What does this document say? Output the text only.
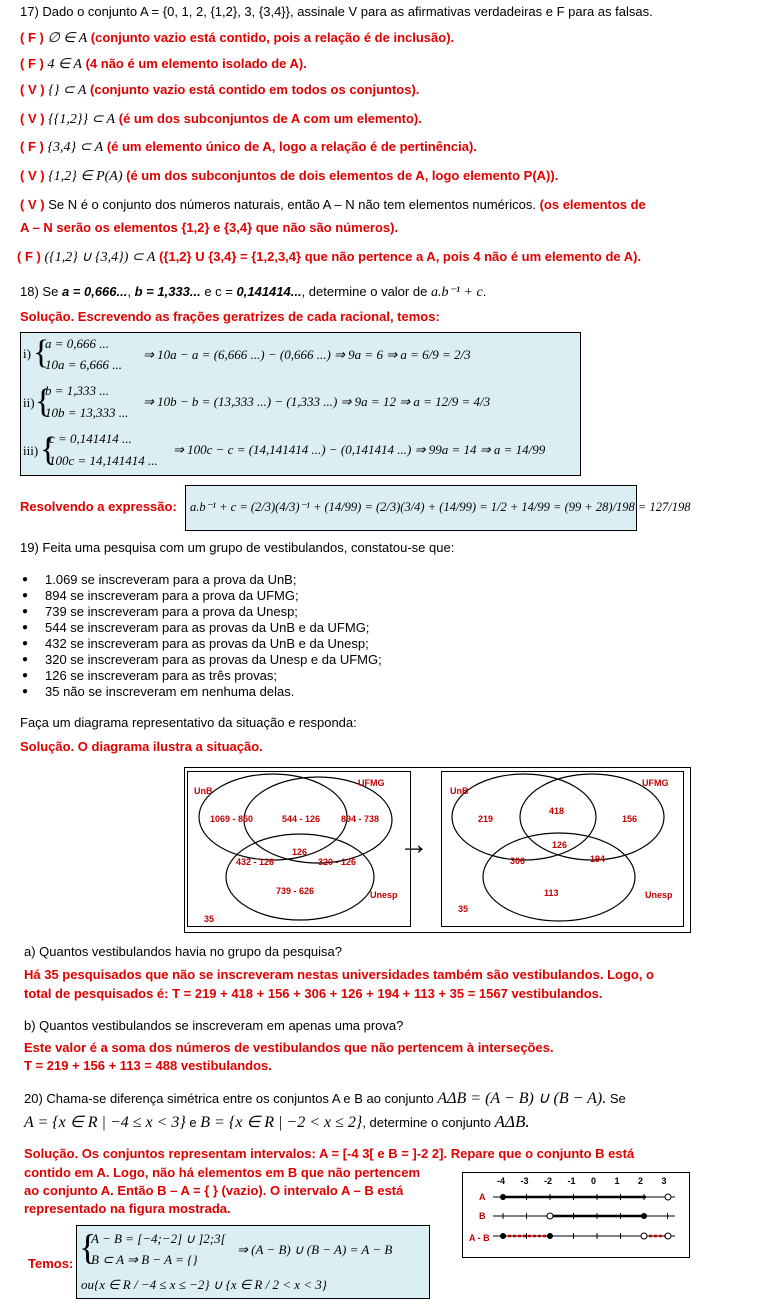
17) Dado o conjunto A = {0, 1, 2, {1,2}, 3, {3,4}}, assinale V para as afirmativas verdadeiras e F para as falsas.
( F ) ∅ ∈ A (conjunto vazio está contido, pois a relação é de inclusão).
( F ) 4 ∈ A (4 não é um elemento isolado de A).
( V ) {} ⊂ A (conjunto vazio está contido em todos os conjuntos).
( V ) {{1,2}} ⊂ A (é um dos subconjuntos de A com um elemento).
( F ) {3,4} ⊂ A (é um elemento único de A, logo a relação é de pertinência).
( V ) {1,2} ∈ P(A) (é um dos subconjuntos de dois elementos de A, logo elemento P(A)).
( V ) Se N é o conjunto dos números naturais, então A – N não tem elementos numéricos. (os elementos de
A – N serão os elementos {1,2} e {3,4} que não são números).
( F ) ({1,2} ∪ {3,4}) ⊂ A ({1,2} U {3,4} = {1,2,3,4} que não pertence a A, pois 4 não é um elemento de A).
18) Se a = 0,666..., b = 1,333... e c = 0,141414..., determine o valor de a.b⁻¹ + c.
Solução. Escrevendo as frações geratrizes de cada racional, temos:
i) {
a = 0,666 ...
10a = 6,666 ...
⇒ 10a − a = (6,666 ...) − (0,666 ...) ⇒ 9a = 6 ⇒ a = 6/9 = 2/3
ii) {
b = 1,333 ...
10b = 13,333 ...
⇒ 10b − b = (13,333 ...) − (1,333 ...) ⇒ 9a = 12 ⇒ a = 12/9 = 4/3
iii) {
c = 0,141414 ...
100c = 14,141414 ...
⇒ 100c − c = (14,141414 ...) − (0,141414 ...) ⇒ 99a = 14 ⇒ a = 14/99
Resolvendo a expressão: a.b⁻¹ + c = (2/3)(4/3)⁻¹ + (14/99) = (2/3)(3/4) + (14/99) = 1/2 + 14/99 = (99 + 28)/198 = 127/198
19) Feita uma pesquisa com um grupo de vestibulandos, constatou-se que:
● 1.069 se inscreveram para a prova da UnB;
● 894 se inscreveram para a prova da UFMG;
● 739 se inscreveram para a prova da Unesp;
● 544 se inscreveram para as provas da UnB e da UFMG;
● 432 se inscreveram para as provas da UnB e da Unesp;
● 320 se inscreveram para as provas da Unesp e da UFMG;
● 126 se inscreveram para as três provas;
● 35 não se inscreveram em nenhuma delas.
Faça um diagrama representativo da situação e responda:
Solução. O diagrama ilustra a situação.
UnB
UFMG
Unesp
35
1069 - 850	544 - 126 894 - 738
126
432 - 126	320 - 126
739 - 626
→
UnB
UFMG
Unesp
35
219
418
156
126
306	194
113
a) Quantos vestibulandos havia no grupo da pesquisa?
Há 35 pesquisados que não se inscreveram nestas universidades também são vestibulandos. Logo, o
total de pesquisados é: T = 219 + 418 + 156 + 306 + 126 + 194 + 113 + 35 = 1567 vestibulandos.
b) Quantos vestibulandos se inscreveram em apenas uma prova?
Este valor é a soma dos números de vestibulandos que não pertencem à interseções.
T = 219 + 156 + 113 = 488 vestibulandos.
20) Chama-se diferença simétrica entre os conjuntos A e B ao conjunto AΔB = (A − B) ∪ (B − A). Se
A = {x ∈ R | −4 ≤ x < 3} e B = {x ∈ R | −2 < x ≤ 2}, determine o conjunto AΔB.
Solução. Os conjuntos representam intervalos: A = [-4 3[ e B = ]-2 2]. Repare que o conjunto B está
contido em A. Logo, não há elementos em B que não pertencem
ao conjunto A. Então B – A = { } (vazio). O intervalo A – B está
representado na figura mostrada.
-4 -3 -2 -1 0 1 2 3
A
B
A - B
Temos: {
A − B = [−4;−2] ∪ ]2;3[
B ⊂ A ⇒ B − A = {}
⇒ (A − B) ∪ (B − A) = A − B
ou{x ∈ R / −4 ≤ x ≤ −2} ∪ {x ∈ R / 2 < x < 3}
